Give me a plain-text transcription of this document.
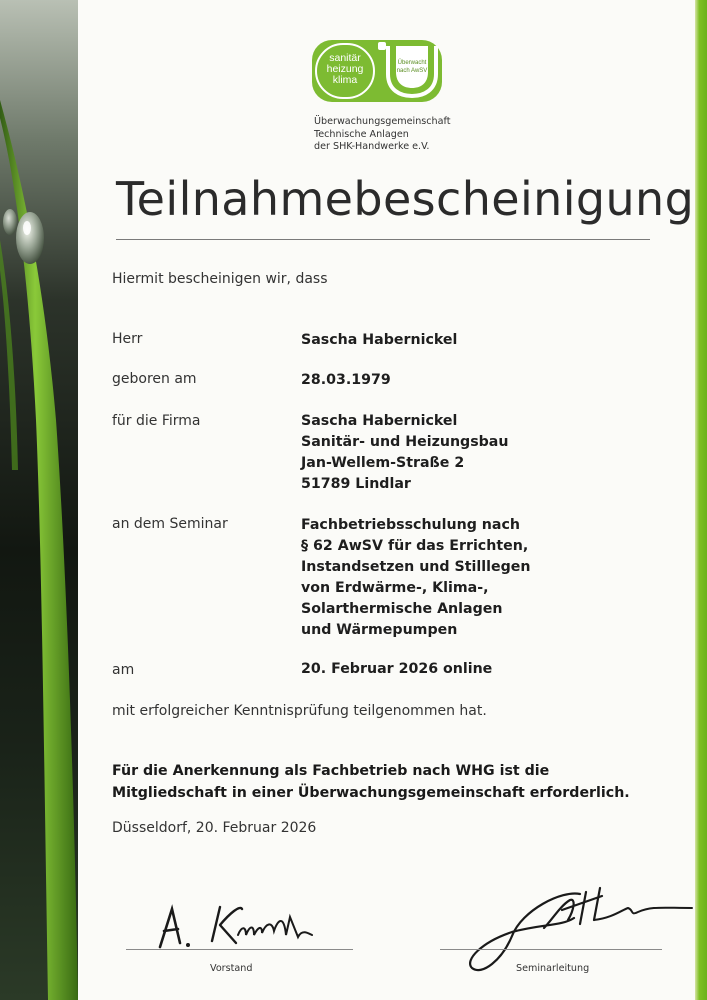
sanitär
heizung
klima
Überwacht
nach AwSV
Überwachungsgemeinschaft
Technische Anlagen
der SHK-Handwerke e.V.
Teilnahmebescheinigung
Hiermit bescheinigen wir, dass
Herr	Sascha Habernickel
geboren am	28.03.1979
für die Firma	Sascha Habernickel
Sanitär- und Heizungsbau
Jan-Wellem-Straße 2
51789 Lindlar
an dem Seminar	Fachbetriebsschulung nach
§ 62 AwSV für das Errichten,
Instandsetzen und Stilllegen
von Erdwärme-, Klima-,
Solarthermische Anlagen
und Wärmepumpen
am	20. Februar 2026 online
mit erfolgreicher Kenntnisprüfung teilgenommen hat.
Für die Anerkennung als Fachbetrieb nach WHG ist die
Mitgliedschaft in einer Überwachungsgemeinschaft erforderlich.
Düsseldorf, 20. Februar 2026
Vorstand	Seminarleitung
